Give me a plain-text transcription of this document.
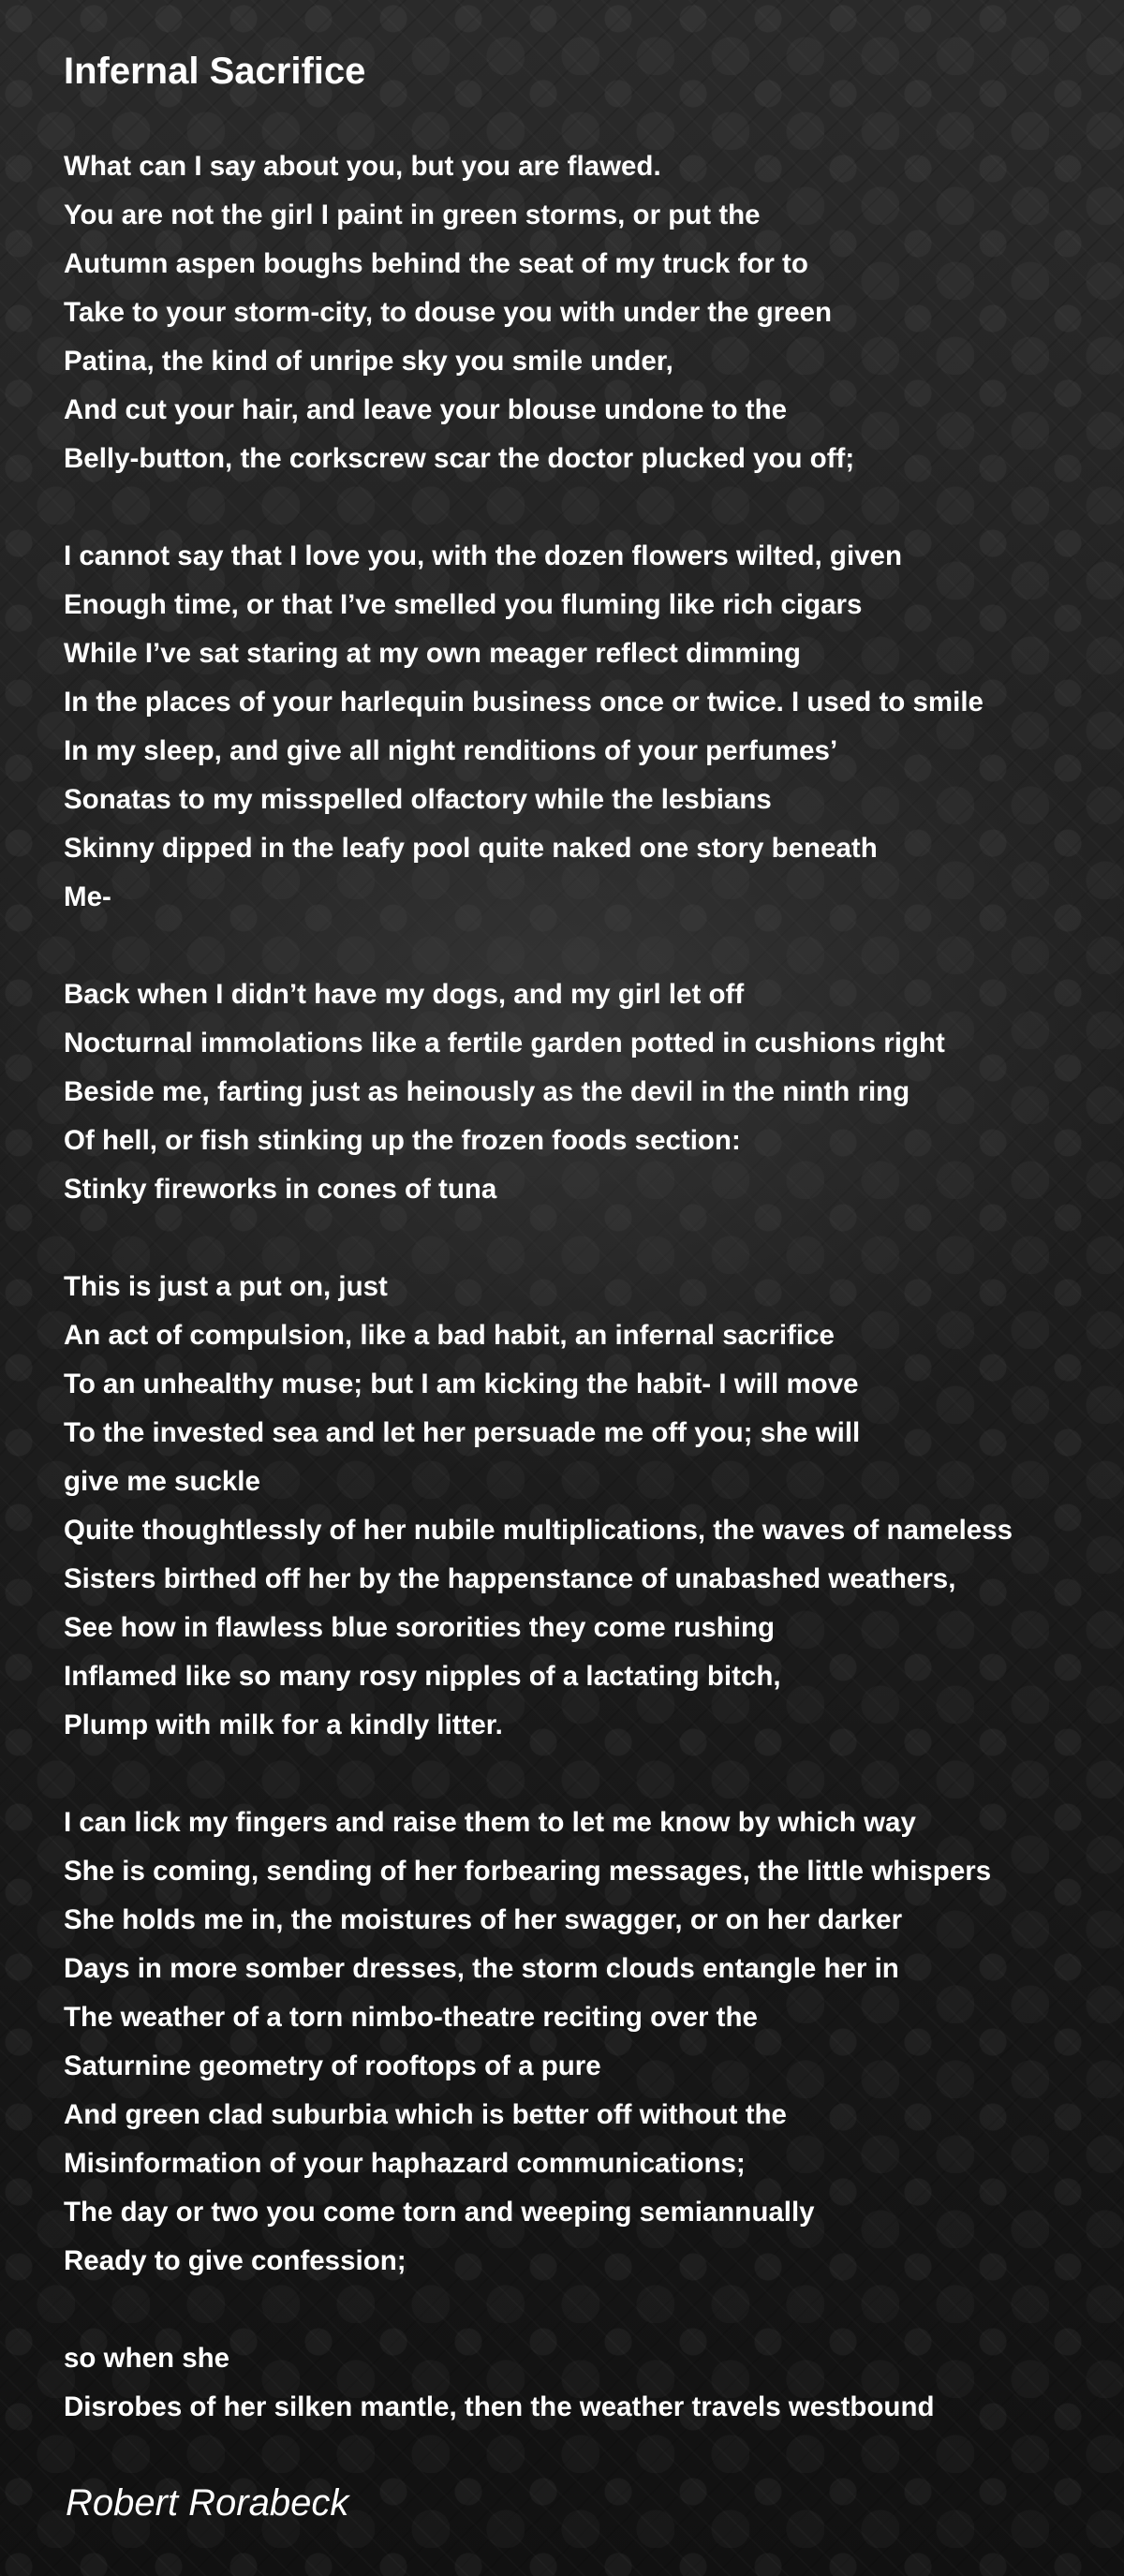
Infernal Sacrifice
What can I say about you, but you are flawed.
You are not the girl I paint in green storms, or put the
Autumn aspen boughs behind the seat of my truck for to
Take to your storm-city, to douse you with under the green
Patina, the kind of unripe sky you smile under,
And cut your hair, and leave your blouse undone to the
Belly-button, the corkscrew scar the doctor plucked you off;
I cannot say that I love you, with the dozen flowers wilted, given
Enough time, or that I’ve smelled you fluming like rich cigars
While I’ve sat staring at my own meager reflect dimming
In the places of your harlequin business once or twice. I used to smile
In my sleep, and give all night renditions of your perfumes’
Sonatas to my misspelled olfactory while the lesbians
Skinny dipped in the leafy pool quite naked one story beneath
Me-
Back when I didn’t have my dogs, and my girl let off
Nocturnal immolations like a fertile garden potted in cushions right
Beside me, farting just as heinously as the devil in the ninth ring
Of hell, or fish stinking up the frozen foods section:
Stinky fireworks in cones of tuna
This is just a put on, just
An act of compulsion, like a bad habit, an infernal sacrifice
To an unhealthy muse; but I am kicking the habit- I will move
To the invested sea and let her persuade me off you; she will
give me suckle
Quite thoughtlessly of her nubile multiplications, the waves of nameless
Sisters birthed off her by the happenstance of unabashed weathers,
See how in flawless blue sororities they come rushing
Inflamed like so many rosy nipples of a lactating bitch,
Plump with milk for a kindly litter.
I can lick my fingers and raise them to let me know by which way
She is coming, sending of her forbearing messages, the little whispers
She holds me in, the moistures of her swagger, or on her darker
Days in more somber dresses, the storm clouds entangle her in
The weather of a torn nimbo-theatre reciting over the
Saturnine geometry of rooftops of a pure
And green clad suburbia which is better off without the
Misinformation of your haphazard communications;
The day or two you come torn and weeping semiannually
Ready to give confession;
so when she
Disrobes of her silken mantle, then the weather travels westbound

Robert Rorabeck
